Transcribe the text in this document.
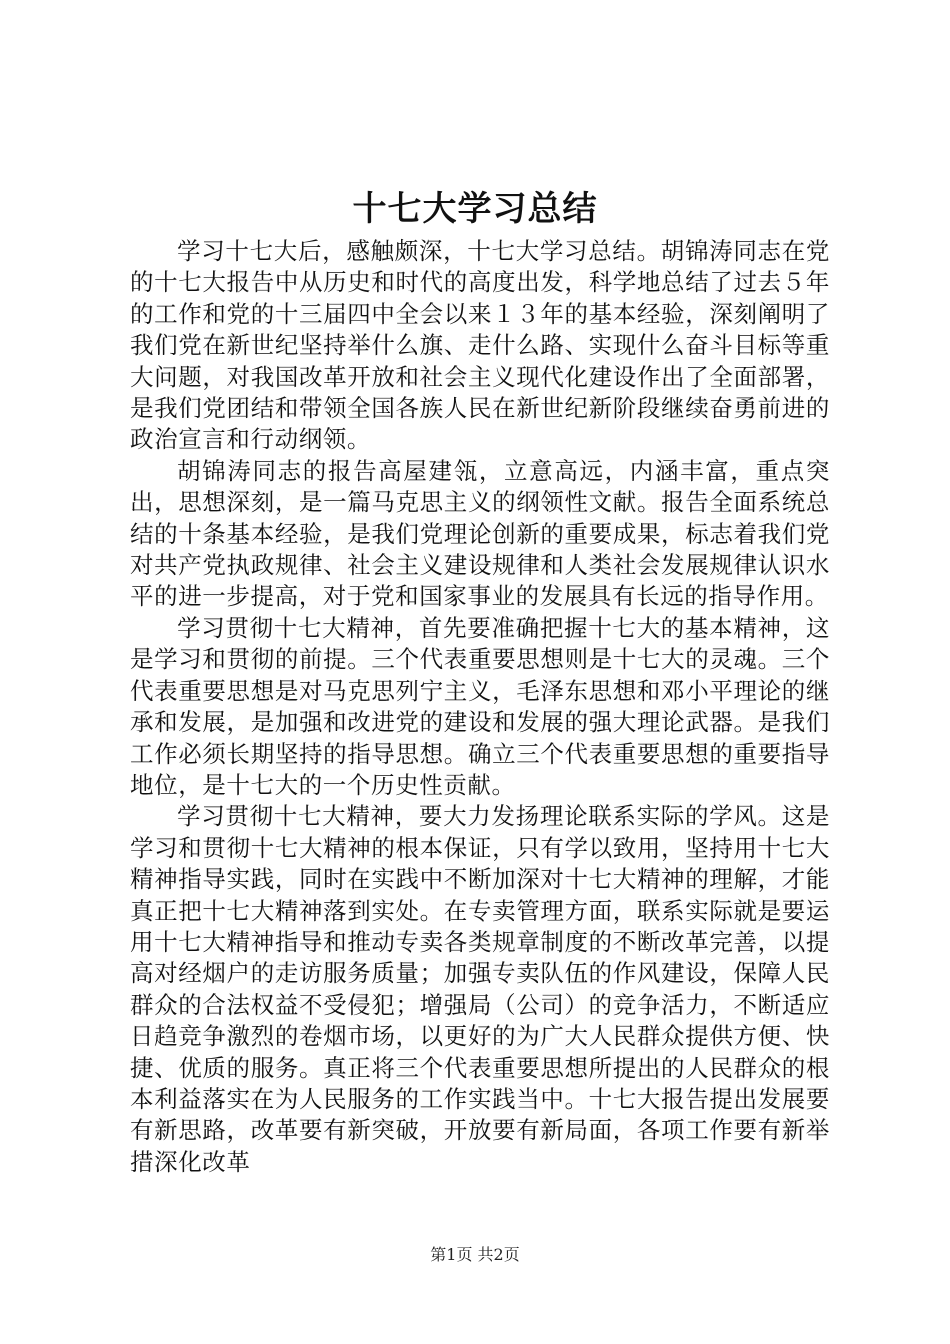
十七大学习总结

学习十七大后，感触颇深，十七大学习总结。胡锦涛同志在党的十七大报告中从历史和时代的高度出发，科学地总结了过去５年的工作和党的十三届四中全会以来１３年的基本经验，深刻阐明了我们党在新世纪坚持举什么旗、走什么路、实现什么奋斗目标等重大问题，对我国改革开放和社会主义现代化建设作出了全面部署，是我们党团结和带领全国各族人民在新世纪新阶段继续奋勇前进的政治宣言和行动纲领。

胡锦涛同志的报告高屋建瓴，立意高远，内涵丰富，重点突出，思想深刻，是一篇马克思主义的纲领性文献。报告全面系统总结的十条基本经验，是我们党理论创新的重要成果，标志着我们党对共产党执政规律、社会主义建设规律和人类社会发展规律认识水平的进一步提高，对于党和国家事业的发展具有长远的指导作用。

学习贯彻十七大精神，首先要准确把握十七大的基本精神，这是学习和贯彻的前提。三个代表重要思想则是十七大的灵魂。三个代表重要思想是对马克思列宁主义，毛泽东思想和邓小平理论的继承和发展，是加强和改进党的建设和发展的强大理论武器。是我们工作必须长期坚持的指导思想。确立三个代表重要思想的重要指导地位，是十七大的一个历史性贡献。

学习贯彻十七大精神，要大力发扬理论联系实际的学风。这是学习和贯彻十七大精神的根本保证，只有学以致用，坚持用十七大精神指导实践，同时在实践中不断加深对十七大精神的理解，才能真正把十七大精神落到实处。在专卖管理方面，联系实际就是要运用十七大精神指导和推动专卖各类规章制度的不断改革完善，以提高对经烟户的走访服务质量；加强专卖队伍的作风建设，保障人民群众的合法权益不受侵犯；增强局（公司）的竞争活力，不断适应日趋竞争激烈的卷烟市场，以更好的为广大人民群众提供方便、快捷、优质的服务。真正将三个代表重要思想所提出的人民群众的根本利益落实在为人民服务的工作实践当中。十七大报告提出发展要有新思路，改革要有新突破，开放要有新局面，各项工作要有新举措深化改革

第1页 共2页
